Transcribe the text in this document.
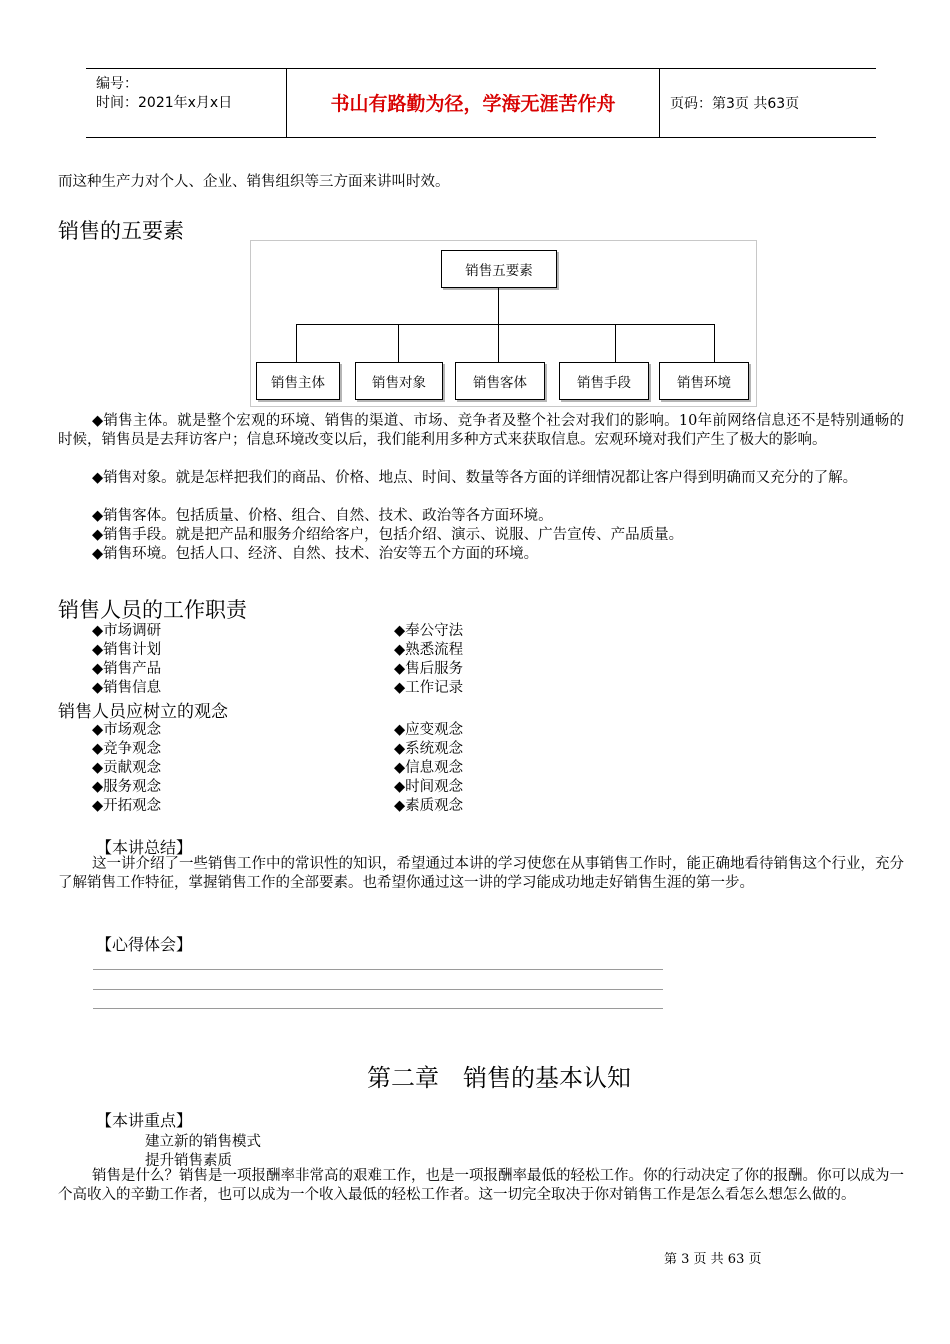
编号：
时间：2021年x月x日	书山有路勤为径，学海无涯苦作舟	页码：第3页 共63页
而这种生产力对个人、企业、销售组织等三方面来讲叫时效。
销售的五要素
销售五要素
销售主体	销售对象	销售客体	销售手段	销售环境
◆销售主体。就是整个宏观的环境、销售的渠道、市场、竞争者及整个社会对我们的影响。10年前网络信息还不是特别通畅的时候，销售员是去拜访客户；信息环境改变以后，我们能利用多种方式来获取信息。宏观环境对我们产生了极大的影响。
◆销售对象。就是怎样把我们的商品、价格、地点、时间、数量等各方面的详细情况都让客户得到明确而又充分的了解。
◆销售客体。包括质量、价格、组合、自然、技术、政治等各方面环境。
◆销售手段。就是把产品和服务介绍给客户，包括介绍、演示、说服、广告宣传、产品质量。
◆销售环境。包括人口、经济、自然、技术、治安等五个方面的环境。
销售人员的工作职责
◆市场调研
◆销售计划
◆销售产品
◆销售信息
◆奉公守法
◆熟悉流程
◆售后服务
◆工作记录
销售人员应树立的观念
◆市场观念
◆竞争观念
◆贡献观念
◆服务观念
◆开拓观念
◆应变观念
◆系统观念
◆信息观念
◆时间观念
◆素质观念
【本讲总结】
这一讲介绍了一些销售工作中的常识性的知识，希望通过本讲的学习使您在从事销售工作时，能正确地看待销售这个行业，充分了解销售工作特征，掌握销售工作的全部要素。也希望你通过这一讲的学习能成功地走好销售生涯的第一步。
【心得体会】
第二章　销售的基本认知
【本讲重点】
建立新的销售模式
提升销售素质
销售是什么？销售是一项报酬率非常高的艰难工作，也是一项报酬率最低的轻松工作。你的行动决定了你的报酬。你可以成为一个高收入的辛勤工作者，也可以成为一个收入最低的轻松工作者。这一切完全取决于你对销售工作是怎么看怎么想怎么做的。
第 3 页 共 63 页
